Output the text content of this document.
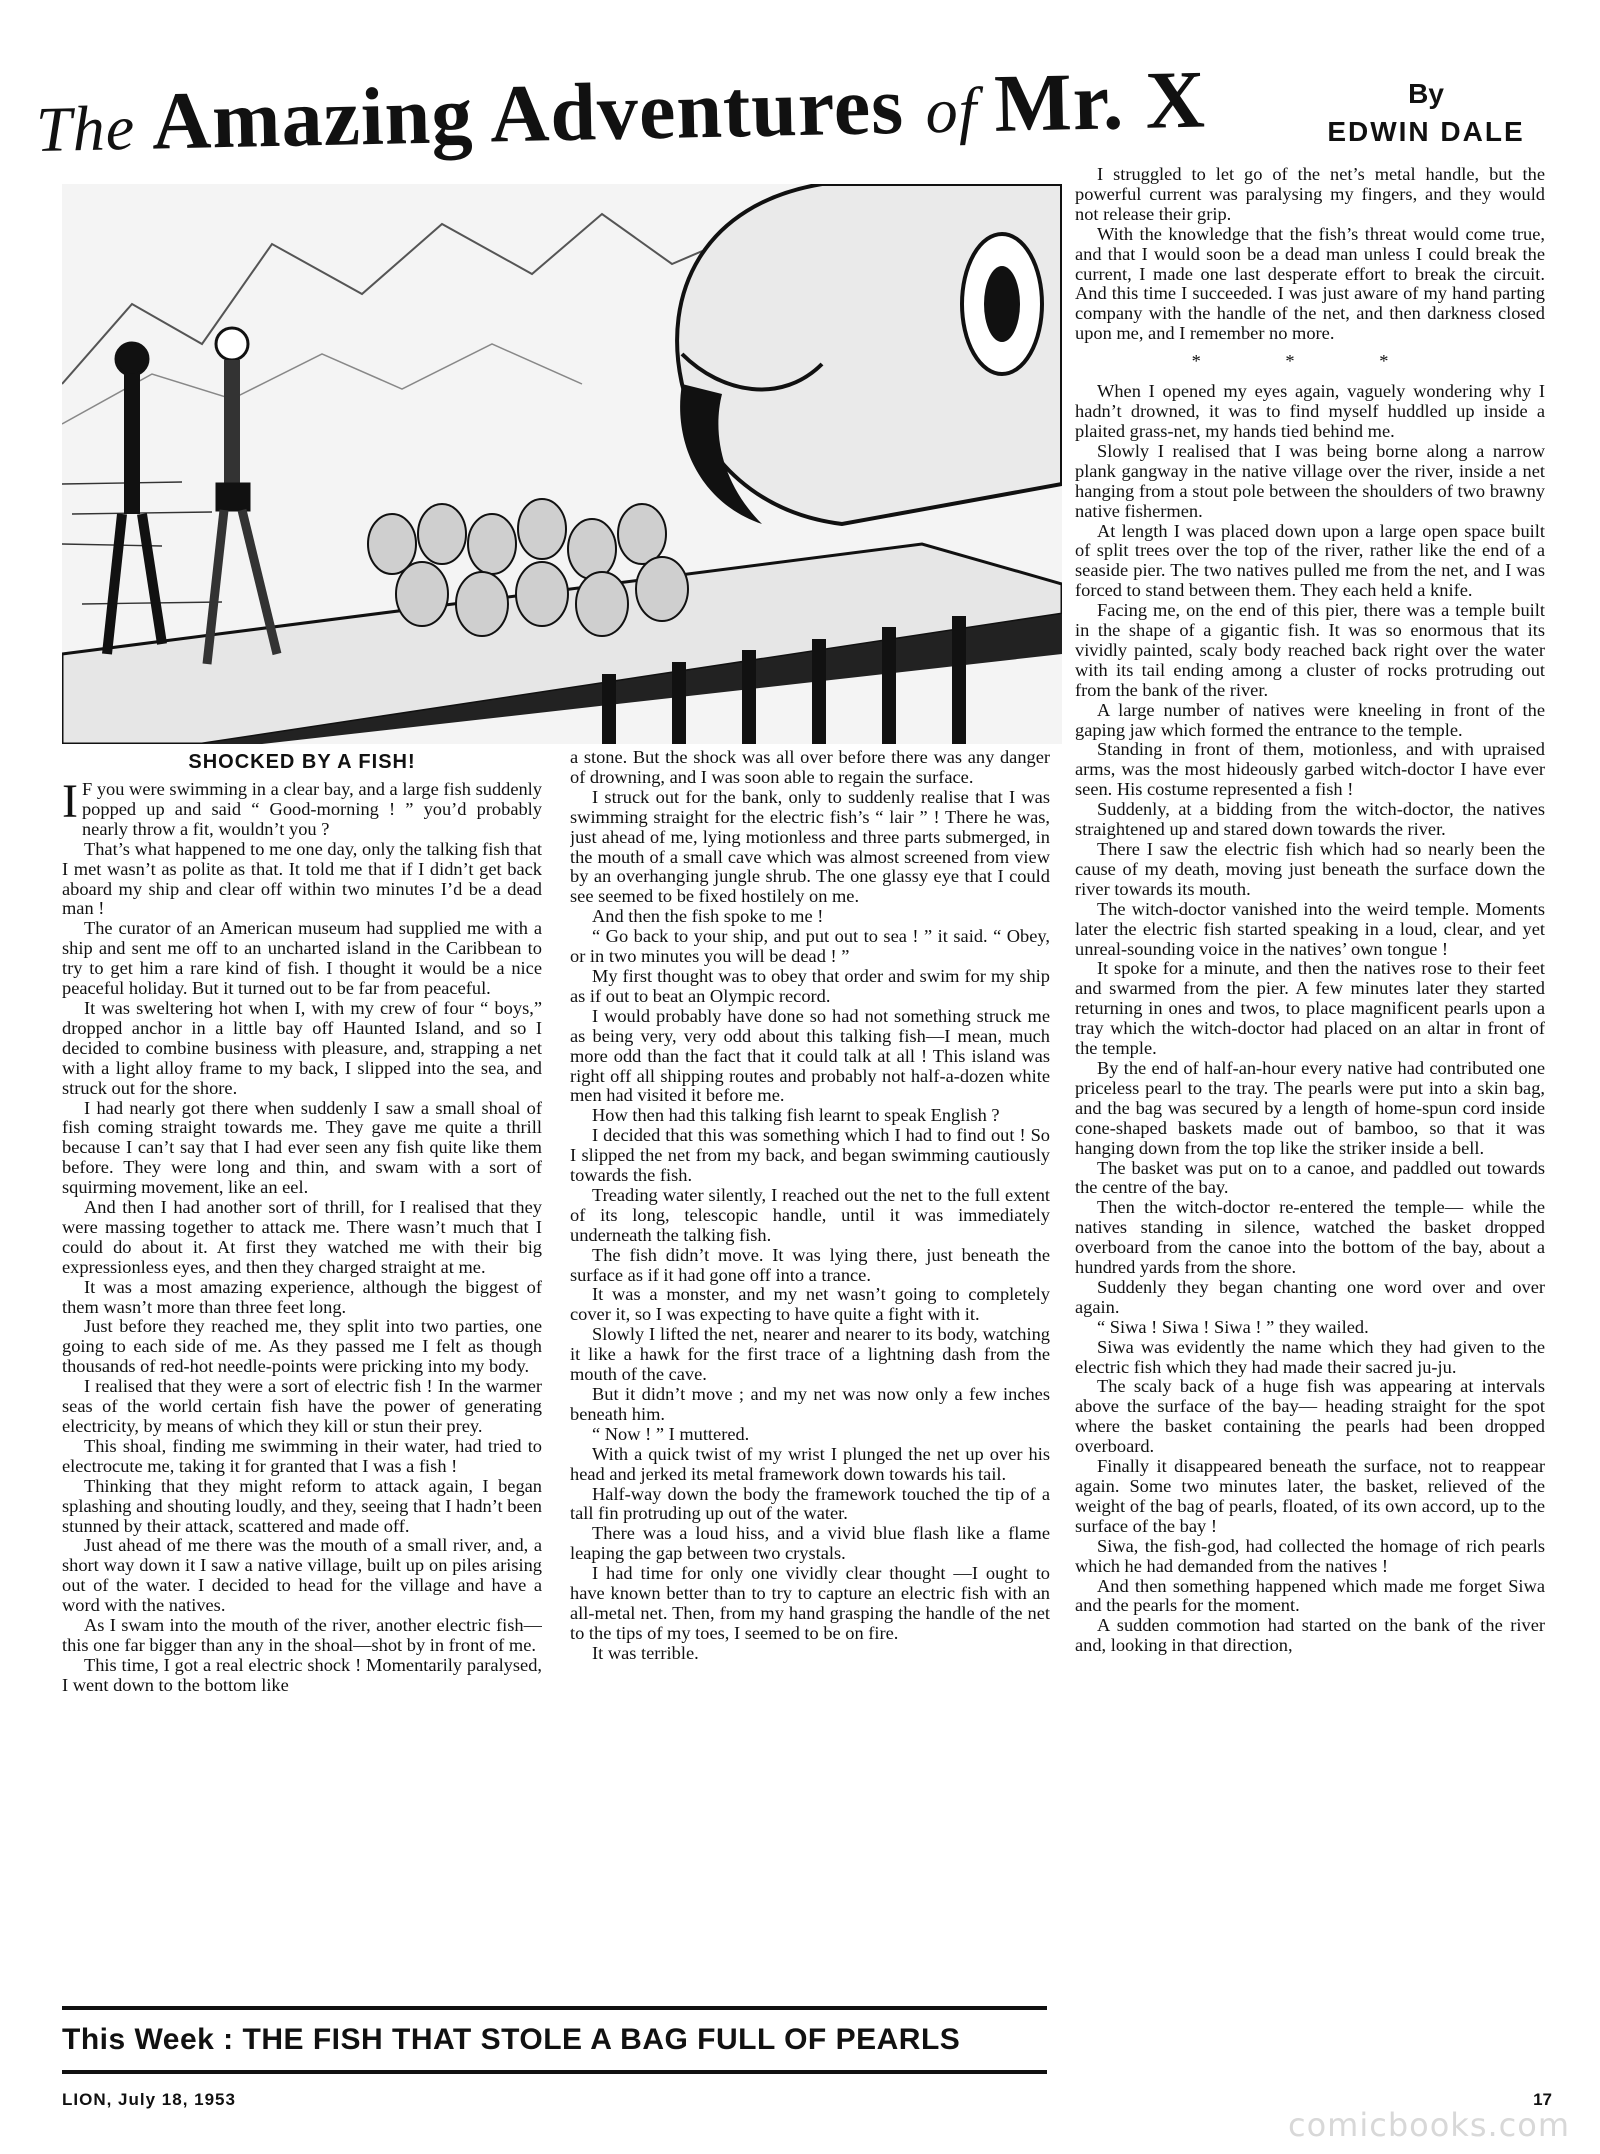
The Amazing Adventures of Mr. X	By
EDWIN DALE
SHOCKED BY A FISH!

I F you were swimming in a clear bay, and a large fish suddenly popped up and said “ Good-morning ! ” you’d probably nearly throw a fit, wouldn’t you ?

That’s what happened to me one day, only the talking fish that I met wasn’t as polite as that. It told me that if I didn’t get back aboard my ship and clear off within two minutes I’d be a dead man !

The curator of an American museum had supplied me with a ship and sent me off to an uncharted island in the Caribbean to try to get him a rare kind of fish. I thought it would be a nice peaceful holiday. But it turned out to be far from peaceful.

It was sweltering hot when I, with my crew of four “ boys,” dropped anchor in a little bay off Haunted Island, and so I decided to combine business with pleasure, and, strapping a net with a light alloy frame to my back, I slipped into the sea, and struck out for the shore.

I had nearly got there when suddenly I saw a small shoal of fish coming straight towards me. They gave me quite a thrill because I can’t say that I had ever seen any fish quite like them before. They were long and thin, and swam with a sort of squirming movement, like an eel.

And then I had another sort of thrill, for I realised that they were massing together to attack me. There wasn’t much that I could do about it. At first they watched me with their big expressionless eyes, and then they charged straight at me.

It was a most amazing experience, although the biggest of them wasn’t more than three feet long.

Just before they reached me, they split into two parties, one going to each side of me. As they passed me I felt as though thousands of red-hot needle-points were pricking into my body.

I realised that they were a sort of electric fish ! In the warmer seas of the world certain fish have the power of generating electricity, by means of which they kill or stun their prey.

This shoal, finding me swimming in their water, had tried to electrocute me, taking it for granted that I was a fish !

Thinking that they might reform to attack again, I began splashing and shouting loudly, and they, seeing that I hadn’t been stunned by their attack, scattered and made off.

Just ahead of me there was the mouth of a small river, and, a short way down it I saw a native village, built up on piles arising out of the water. I decided to head for the village and have a word with the natives.

As I swam into the mouth of the river, another electric fish—this one far bigger than any in the shoal—shot by in front of me.

This time, I got a real electric shock ! Momentarily paralysed, I went down to the bottom like

a stone. But the shock was all over before there was any danger of drowning, and I was soon able to regain the surface.

I struck out for the bank, only to suddenly realise that I was swimming straight for the electric fish’s “ lair ” ! There he was, just ahead of me, lying motionless and three parts submerged, in the mouth of a small cave which was almost screened from view by an overhanging jungle shrub. The one glassy eye that I could see seemed to be fixed hostilely on me.

And then the fish spoke to me !

“ Go back to your ship, and put out to sea ! ” it said. “ Obey, or in two minutes you will be dead ! ”

My first thought was to obey that order and swim for my ship as if out to beat an Olympic record.

I would probably have done so had not something struck me as being very, very odd about this talking fish—I mean, much more odd than the fact that it could talk at all ! This island was right off all shipping routes and probably not half-a-dozen white men had visited it before me.

How then had this talking fish learnt to speak English ?

I decided that this was something which I had to find out ! So I slipped the net from my back, and began swimming cautiously towards the fish.

Treading water silently, I reached out the net to the full extent of its long, telescopic handle, until it was immediately underneath the talking fish.

The fish didn’t move. It was lying there, just beneath the surface as if it had gone off into a trance.

It was a monster, and my net wasn’t going to completely cover it, so I was expecting to have quite a fight with it.

Slowly I lifted the net, nearer and nearer to its body, watching it like a hawk for the first trace of a lightning dash from the mouth of the cave.

But it didn’t move ; and my net was now only a few inches beneath him.

“ Now ! ” I muttered.

With a quick twist of my wrist I plunged the net up over his head and jerked its metal framework down towards his tail.

Half-way down the body the framework touched the tip of a tall fin protruding up out of the water.

There was a loud hiss, and a vivid blue flash like a flame leaping the gap between two crystals.

I had time for only one vividly clear thought —I ought to have known better than to try to capture an electric fish with an all-metal net. Then, from my hand grasping the handle of the net to the tips of my toes, I seemed to be on fire.

It was terrible.

I struggled to let go of the net’s metal handle, but the powerful current was paralysing my fingers, and they would not release their grip.

With the knowledge that the fish’s threat would come true, and that I would soon be a dead man unless I could break the current, I made one last desperate effort to break the circuit. And this time I succeeded. I was just aware of my hand parting company with the handle of the net, and then darkness closed upon me, and I remember no more.

* * *

When I opened my eyes again, vaguely wondering why I hadn’t drowned, it was to find myself huddled up inside a plaited grass-net, my hands tied behind me.

Slowly I realised that I was being borne along a narrow plank gangway in the native village over the river, inside a net hanging from a stout pole between the shoulders of two brawny native fishermen.

At length I was placed down upon a large open space built of split trees over the top of the river, rather like the end of a seaside pier. The two natives pulled me from the net, and I was forced to stand between them. They each held a knife.

Facing me, on the end of this pier, there was a temple built in the shape of a gigantic fish. It was so enormous that its vividly painted, scaly body reached back right over the water with its tail ending among a cluster of rocks protruding out from the bank of the river.

A large number of natives were kneeling in front of the gaping jaw which formed the entrance to the temple.

Standing in front of them, motionless, and with upraised arms, was the most hideously garbed witch-doctor I have ever seen. His costume represented a fish !

Suddenly, at a bidding from the witch-doctor, the natives straightened up and stared down towards the river.

There I saw the electric fish which had so nearly been the cause of my death, moving just beneath the surface down the river towards its mouth.

The witch-doctor vanished into the weird temple. Moments later the electric fish started speaking in a loud, clear, and yet unreal-sounding voice in the natives’ own tongue !

It spoke for a minute, and then the natives rose to their feet and swarmed from the pier. A few minutes later they started returning in ones and twos, to place magnificent pearls upon a tray which the witch-doctor had placed on an altar in front of the temple.

By the end of half-an-hour every native had contributed one priceless pearl to the tray. The pearls were put into a skin bag, and the bag was secured by a length of home-spun cord inside cone-shaped baskets made out of bamboo, so that it was hanging down from the top like the striker inside a bell.

The basket was put on to a canoe, and paddled out towards the centre of the bay.

Then the witch-doctor re-entered the temple— while the natives standing in silence, watched the basket dropped overboard from the canoe into the bottom of the bay, about a hundred yards from the shore.

Suddenly they began chanting one word over and over again.

“ Siwa ! Siwa ! Siwa ! ” they wailed.

Siwa was evidently the name which they had given to the electric fish which they had made their sacred ju-ju.

The scaly back of a huge fish was appearing at intervals above the surface of the bay— heading straight for the spot where the basket containing the pearls had been dropped overboard.

Finally it disappeared beneath the surface, not to reappear again. Some two minutes later, the basket, relieved of the weight of the bag of pearls, floated, of its own accord, up to the surface of the bay !

Siwa, the fish-god, had collected the homage of rich pearls which he had demanded from the natives !

And then something happened which made me forget Siwa and the pearls for the moment.

A sudden commotion had started on the bank of the river and, looking in that direction,

This Week : THE FISH THAT STOLE A BAG FULL OF PEARLS
LION, July 18, 1953	17
comicbooks.com
